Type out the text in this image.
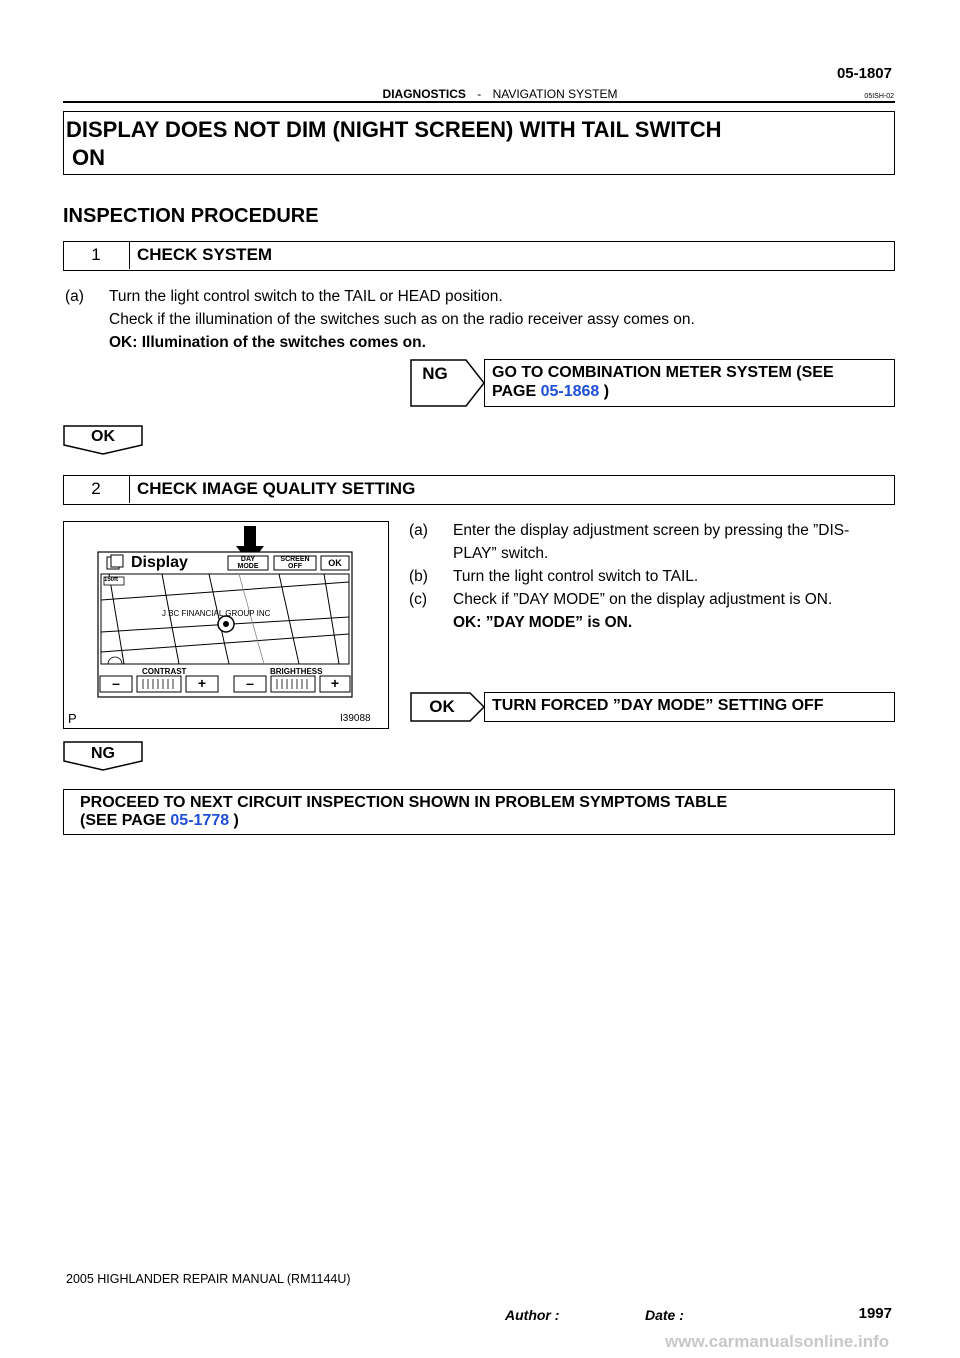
05-1807
DIAGNOSTICS - NAVIGATION SYSTEM	05ISH-02
DISPLAY DOES NOT DIM (NIGHT SCREEN) WITH TAIL SWITCH
ON
INSPECTION PROCEDURE
1	CHECK SYSTEM
(a) Turn the light control switch to the TAIL or HEAD position.
Check if the illumination of the switches such as on the radio receiver assy comes on.
OK: Illumination of the switches comes on.
NG	GO TO COMBINATION METER SYSTEM (SEE
PAGE 05-1868 )
OK
2	CHECK IMAGE QUALITY SETTING
Display	DAY
MODE
SCREEN
OFF	OK
150ft
J BC FINANCIAL GROUP INC
CONTRAST	BRIGHTHESS
–	+	–	+
P	I39088
(a) Enter the display adjustment screen by pressing the ”DIS-
PLAY” switch.
(b) Turn the light control switch to TAIL.
(c) Check if ”DAY MODE” on the display adjustment is ON.
OK: ”DAY MODE” is ON.
OK	TURN FORCED ”DAY MODE” SETTING OFF
NG
PROCEED TO NEXT CIRCUIT INSPECTION SHOWN IN PROBLEM SYMPTOMS TABLE
(SEE PAGE 05-1778 )
2005 HIGHLANDER REPAIR MANUAL (RM1144U)
1997
Author :	Date :
www.carmanualsonline.info
